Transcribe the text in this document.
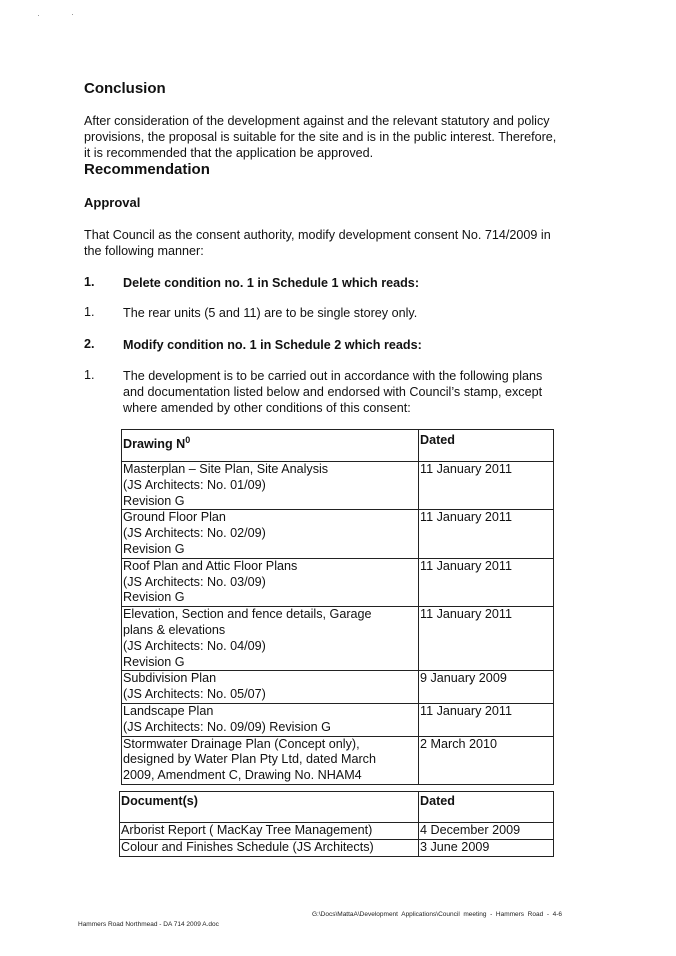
Conclusion
After consideration of the development against and the relevant statutory and policy
provisions, the proposal is suitable for the site and is in the public interest. Therefore,
it is recommended that the application be approved.
Recommendation
Approval
That Council as the consent authority, modify development consent No. 714/2009 in
the following manner:
1. Delete condition no. 1 in Schedule 1 which reads:
1. The rear units (5 and 11) are to be single storey only.
2. Modify condition no. 1 in Schedule 2 which reads:
1. The development is to be carried out in accordance with the following plans
and documentation listed below and endorsed with Council’s stamp, except
where amended by other conditions of this consent:
Drawing $N^0$	Dated

Masterplan – Site Plan, Site Analysis
(JS Architects: No. 01/09)
Revision G	11 January 2011

Ground Floor Plan
(JS Architects: No. 02/09)
Revision G	11 January 2011

Roof Plan and Attic Floor Plans
(JS Architects: No. 03/09)
Revision G	11 January 2011

Elevation, Section and fence details, Garage
plans & elevations
(JS Architects: No. 04/09)
Revision G	11 January 2011

Subdivision Plan
(JS Architects: No. 05/07)	9 January 2009

Landscape Plan
(JS Architects: No. 09/09) Revision G	11 January 2011

Stormwater Drainage Plan (Concept only),
designed by Water Plan Pty Ltd, dated March
2009, Amendment C, Drawing No. NHAM4	2 March 2010
Document(s)	Dated
Arborist Report ( MacKay Tree Management)	4 December 2009
Colour and Finishes Schedule (JS Architects)	3 June 2009
G:\Docs\MattaA\Development  Applications\Council  meeting  -  Hammers  Road  -  4-6
Hammers Road Northmead - DA 714 2009 A.doc
